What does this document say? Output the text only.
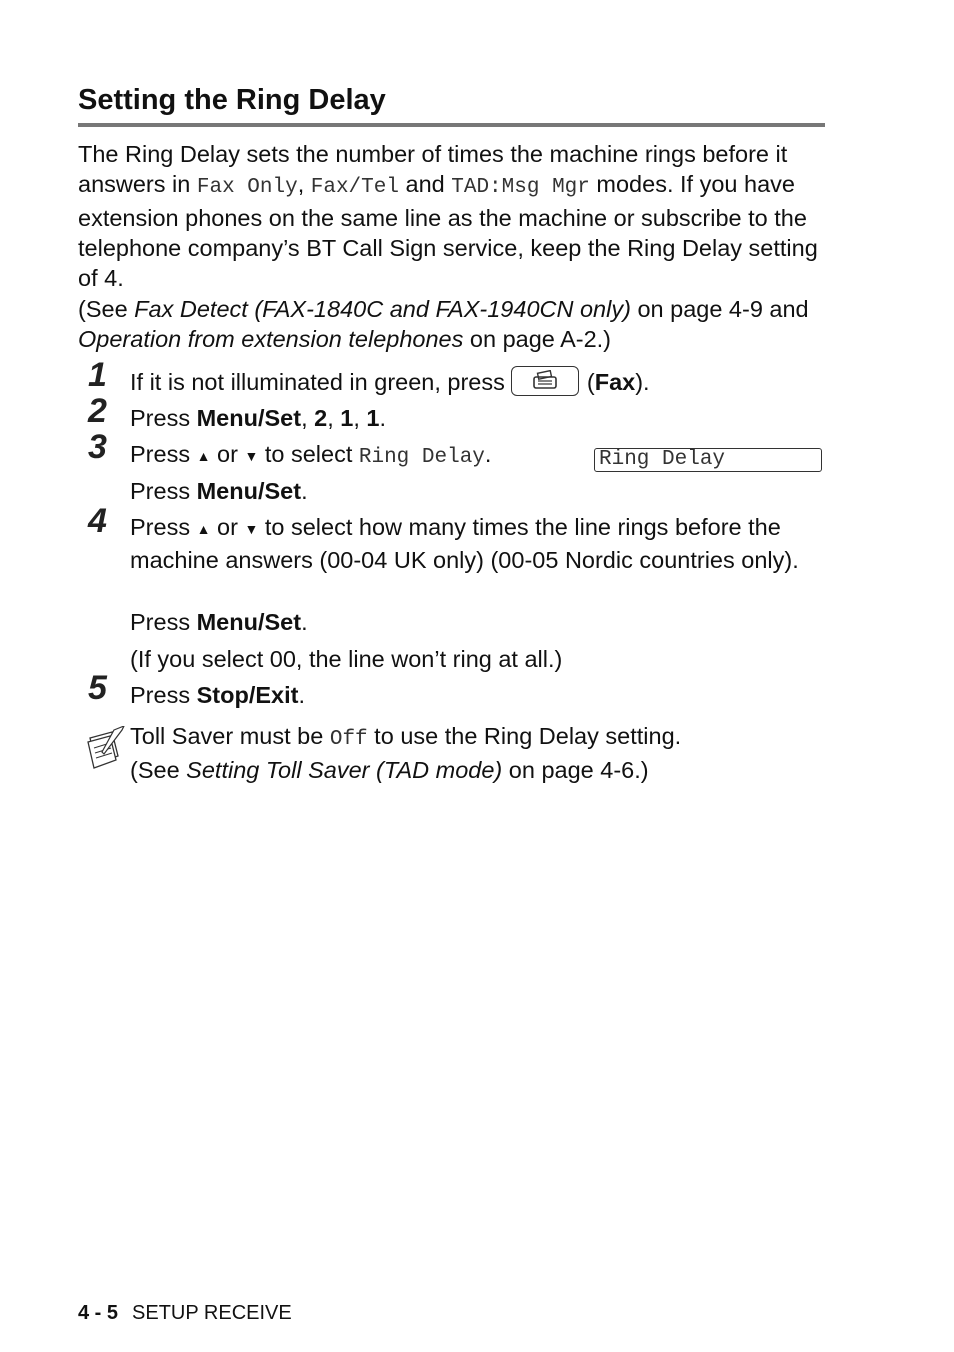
Setting the Ring Delay
The Ring Delay sets the number of times the machine rings before it answers in Fax Only, Fax/Tel and TAD:Msg Mgr modes. If you have extension phones on the same line as the machine or subscribe to the telephone company’s BT Call Sign service, keep the Ring Delay setting of 4.
(See Fax Detect (FAX-1840C and FAX-1940CN only) on page 4-9 and Operation from extension telephones on page A-2.)
1 If it is not illuminated in green, press	(Fax).
2 Press Menu/Set, 2, 1, 1.
3 Press ▲ or ▼ to select Ring Delay.
Press Menu/Set.
Ring Delay
4 Press ▲ or ▼ to select how many times the line rings before the machine answers (00-04 UK only) (00-05 Nordic countries only).
Press Menu/Set.
(If you select 00, the line won’t ring at all.)
5 Press Stop/Exit.
Toll Saver must be Off to use the Ring Delay setting.
(See Setting Toll Saver (TAD mode) on page 4-6.)
4 - 5 SETUP RECEIVE
